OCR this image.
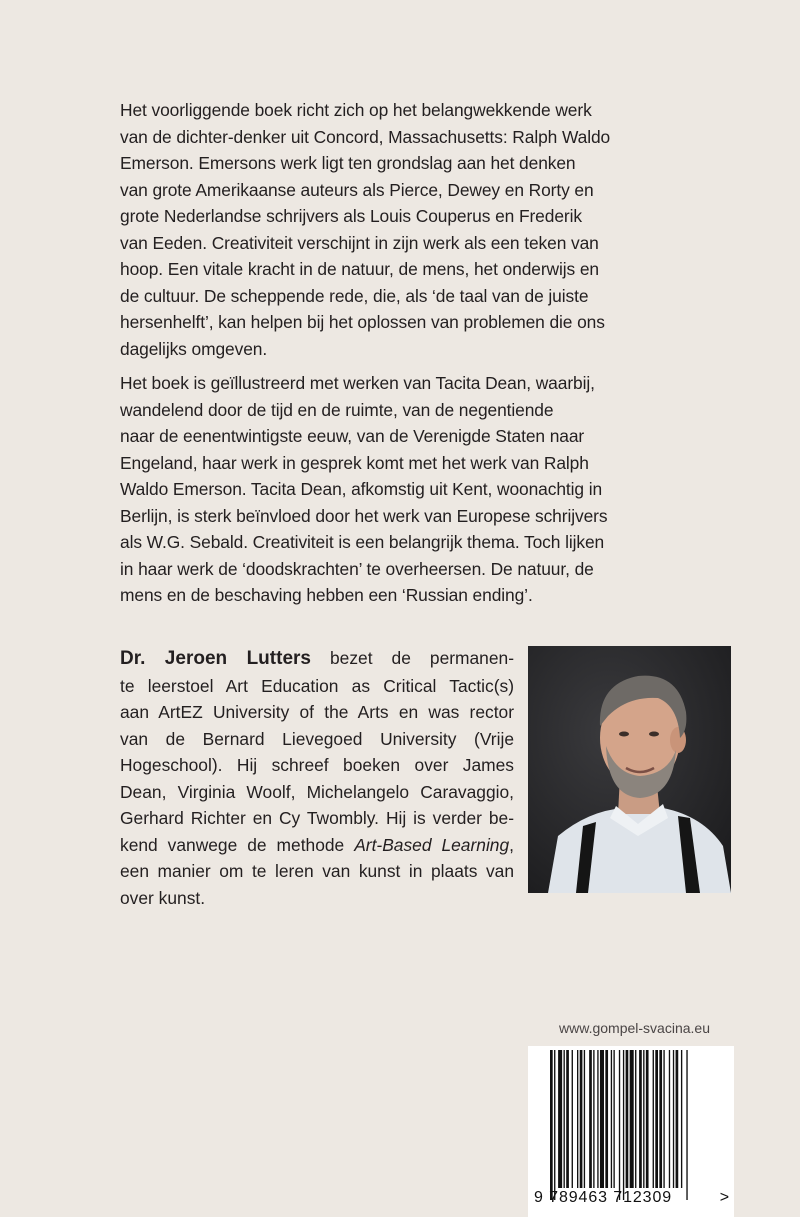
Het voorliggende boek richt zich op het belangwekkende werk
van de dichter-denker uit Concord, Massachusetts: Ralph Waldo
Emerson. Emersons werk ligt ten grondslag aan het denken
van grote Amerikaanse auteurs als Pierce, Dewey en Rorty en
grote Nederlandse schrijvers als Louis Couperus en Frederik
van Eeden. Creativiteit verschijnt in zijn werk als een teken van
hoop. Een vitale kracht in de natuur, de mens, het onderwijs en
de cultuur. De scheppende rede, die, als ‘de taal van de juiste
hersenhelft’, kan helpen bij het oplossen van problemen die ons
dagelijks omgeven.
Het boek is geïllustreerd met werken van Tacita Dean, waarbij,
wandelend door de tijd en de ruimte, van de negentiende
naar de eenentwintigste eeuw, van de Verenigde Staten naar
Engeland, haar werk in gesprek komt met het werk van Ralph
Waldo Emerson. Tacita Dean, afkomstig uit Kent, woonachtig in
Berlijn, is sterk beïnvloed door het werk van Europese schrijvers
als W.G. Sebald. Creativiteit is een belangrijk thema. Toch lijken
in haar werk de ‘doodskrachten’ te overheersen. De natuur, de
mens en de beschaving hebben een ‘Russian ending’.
Dr. Jeroen Lutters bezet de permanen-
te leerstoel Art Education as Critical Tactic(s)
aan ArtEZ University of the Arts en was rector
van de Bernard Lievegoed University (Vrije
Hogeschool). Hij schreef boeken over James
Dean, Virginia Woolf, Michelangelo Caravaggio,
Gerhard Richter en Cy Twombly. Hij is verder be-
kend vanwege de methode Art-Based Learning,
een manier om te leren van kunst in plaats van
over kunst.
www.gompel-svacina.eu
9 789463 712309	>
